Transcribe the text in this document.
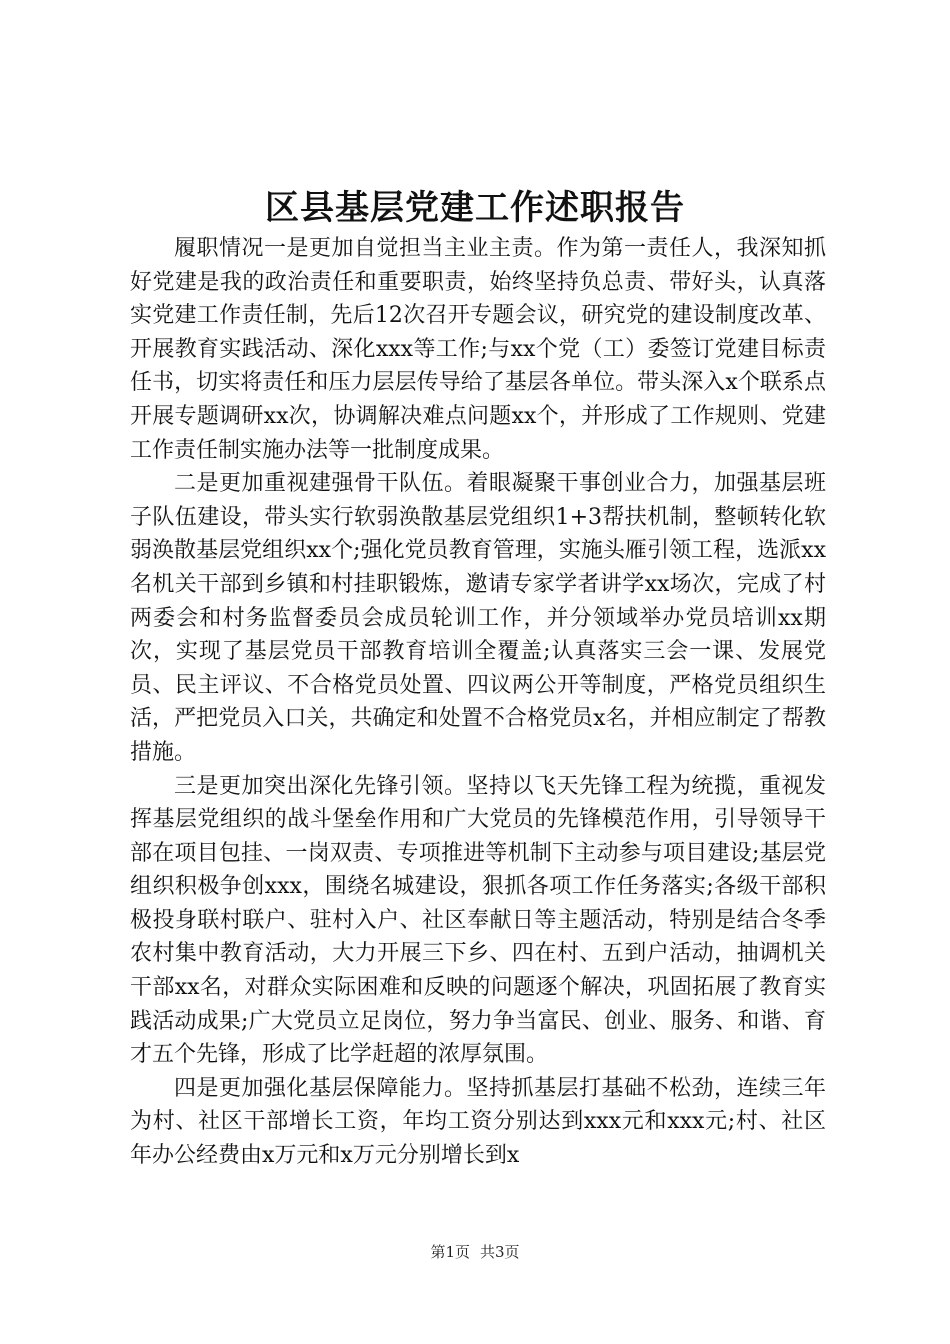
区县基层党建工作述职报告

履职情况一是更加自觉担当主业主责。作为第一责任人，我深知抓好党建是我的政治责任和重要职责，始终坚持负总责、带好头，认真落实党建工作责任制，先后12次召开专题会议，研究党的建设制度改革、开展教育实践活动、深化xxx等工作;与xx个党（工）委签订党建目标责任书，切实将责任和压力层层传导给了基层各单位。带头深入x个联系点开展专题调研xx次，协调解决难点问题xx个，并形成了工作规则、党建工作责任制实施办法等一批制度成果。

二是更加重视建强骨干队伍。着眼凝聚干事创业合力，加强基层班子队伍建设，带头实行软弱涣散基层党组织1+3帮扶机制，整顿转化软弱涣散基层党组织xx个;强化党员教育管理，实施头雁引领工程，选派xx名机关干部到乡镇和村挂职锻炼，邀请专家学者讲学xx场次，完成了村两委会和村务监督委员会成员轮训工作，并分领域举办党员培训xx期次，实现了基层党员干部教育培训全覆盖;认真落实三会一课、发展党员、民主评议、不合格党员处置、四议两公开等制度，严格党员组织生活，严把党员入口关，共确定和处置不合格党员x名，并相应制定了帮教措施。

三是更加突出深化先锋引领。坚持以飞天先锋工程为统揽，重视发挥基层党组织的战斗堡垒作用和广大党员的先锋模范作用，引导领导干部在项目包挂、一岗双责、专项推进等机制下主动参与项目建设;基层党组织积极争创xxx，围绕名城建设，狠抓各项工作任务落实;各级干部积极投身联村联户、驻村入户、社区奉献日等主题活动，特别是结合冬季农村集中教育活动，大力开展三下乡、四在村、五到户活动，抽调机关干部xx名，对群众实际困难和反映的问题逐个解决，巩固拓展了教育实践活动成果;广大党员立足岗位，努力争当富民、创业、服务、和谐、育才五个先锋，形成了比学赶超的浓厚氛围。

四是更加强化基层保障能力。坚持抓基层打基础不松劲，连续三年为村、社区干部增长工资，年均工资分别达到xxx元和xxx元;村、社区年办公经费由x万元和x万元分别增长到x

第1页 共3页
